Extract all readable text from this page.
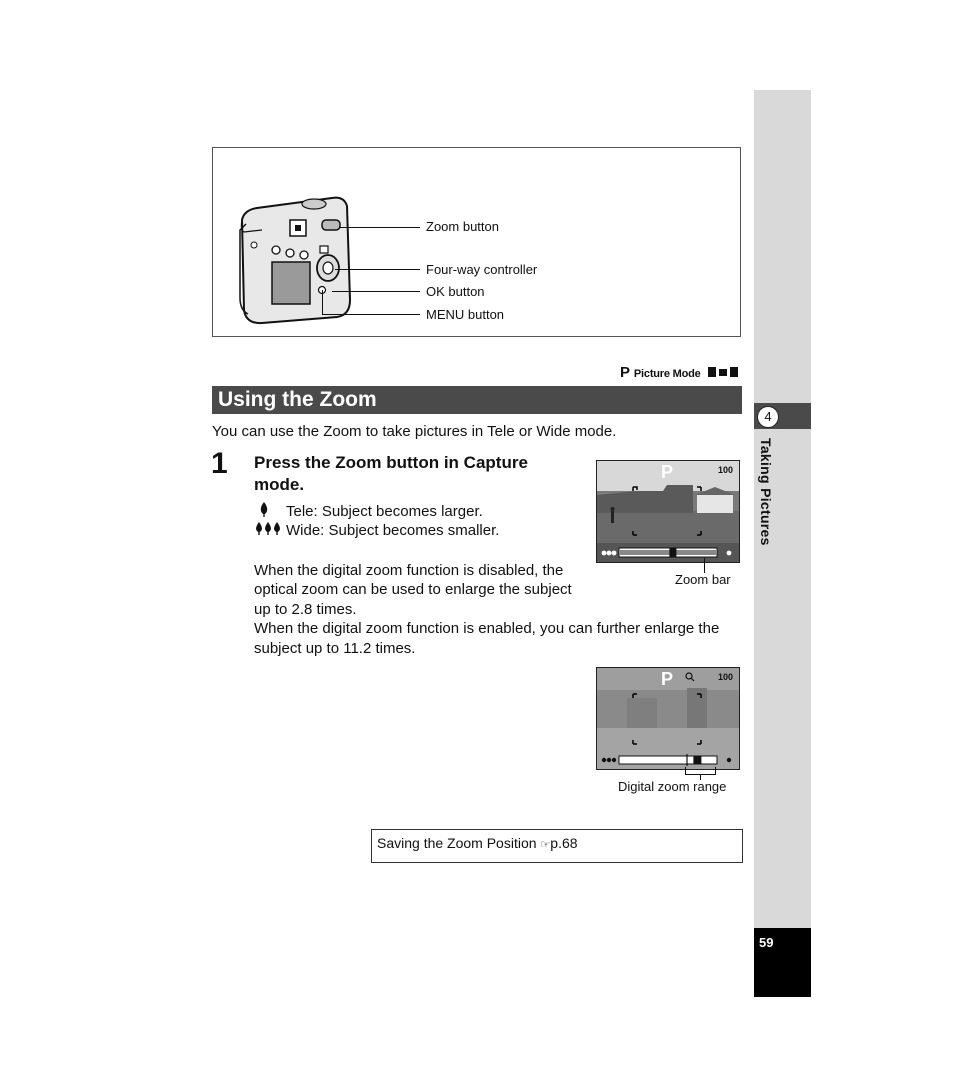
4
Taking Pictures
59
Zoom button
Four-way controller
OK button
MENU button
P Picture Mode
Using the Zoom
You can use the Zoom to take pictures in Tele or Wide mode.
1 Press the Zoom button in Capture mode.
Tele: Subject becomes larger.
Wide: Subject becomes smaller.
When the digital zoom function is disabled, the
optical zoom can be used to enlarge the subject
up to 2.8 times.
When the digital zoom function is enabled, you can further enlarge the
subject up to 11.2 times.
P	100
Zoom bar
P	100
Digital zoom range
Saving the Zoom Position ☞p.68
